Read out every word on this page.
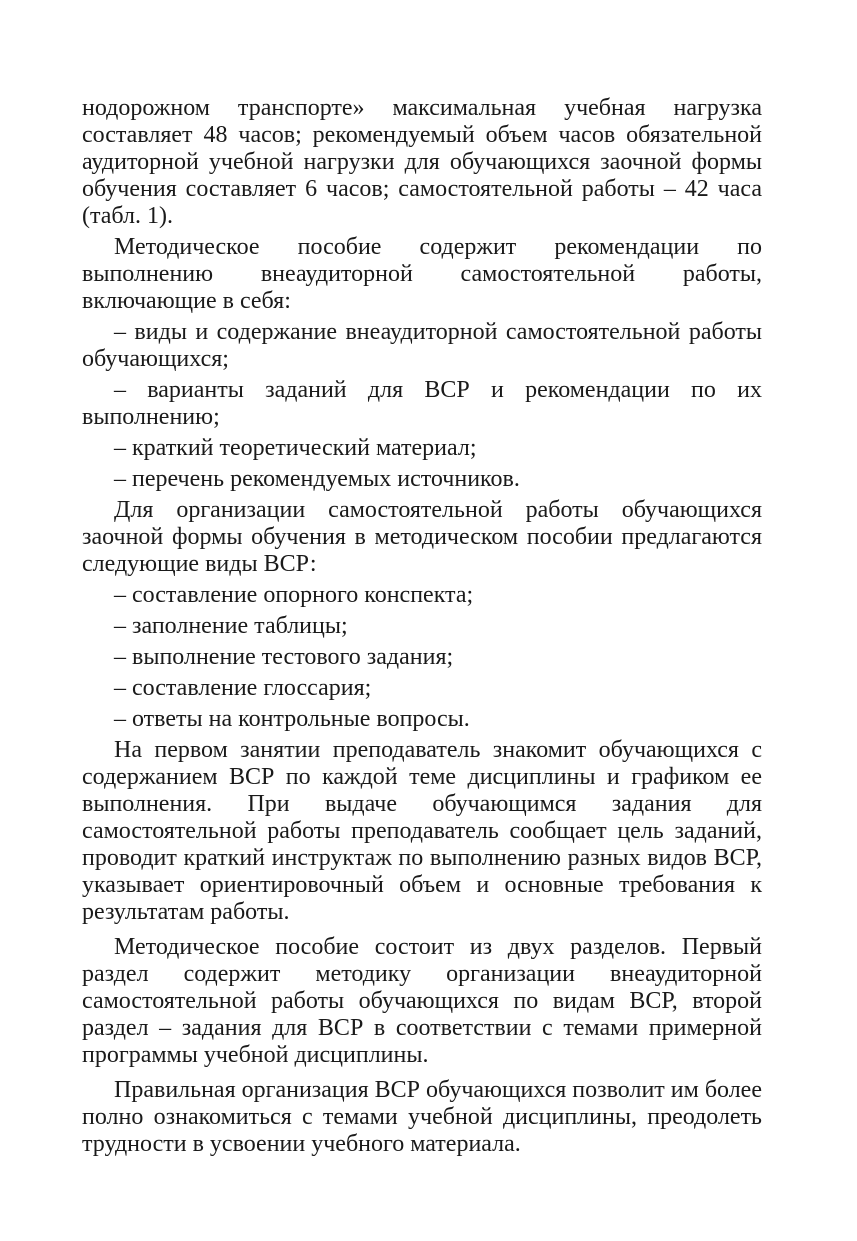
нодорожном транспорте» максимальная учебная нагрузка составляет 48 часов; рекомендуемый объем часов обязательной аудиторной учебной нагрузки для обучающихся заочной формы обучения составляет 6 часов; самостоятельной работы – 42 часа (табл. 1).

Методическое пособие содержит рекомендации по выполнению внеаудиторной самостоятельной работы, включающие в себя:

– виды и содержание внеаудиторной самостоятельной работы обучающихся;

– варианты заданий для ВСР и рекомендации по их выполнению;

– краткий теоретический материал;

– перечень рекомендуемых источников.

Для организации самостоятельной работы обучающихся заочной формы обучения в методическом пособии предлагаются следующие виды ВСР:

– составление опорного конспекта;

– заполнение таблицы;

– выполнение тестового задания;

– составление глоссария;

– ответы на контрольные вопросы.

На первом занятии преподаватель знакомит обучающихся с содержанием ВСР по каждой теме дисциплины и графиком ее выполнения. При выдаче обучающимся задания для самостоятельной работы преподаватель сообщает цель заданий, проводит краткий инструктаж по выполнению разных видов ВСР, указывает ориентировочный объем и основные требования к результатам работы.

Методическое пособие состоит из двух разделов. Первый раздел содержит методику организации внеаудиторной самостоятельной работы обучающихся по видам ВСР, второй раздел – задания для ВСР в соответствии с темами примерной программы учебной дисциплины.

Правильная организация ВСР обучающихся позволит им более полно ознакомиться с темами учебной дисциплины, преодолеть трудности в усвоении учебного материала.
